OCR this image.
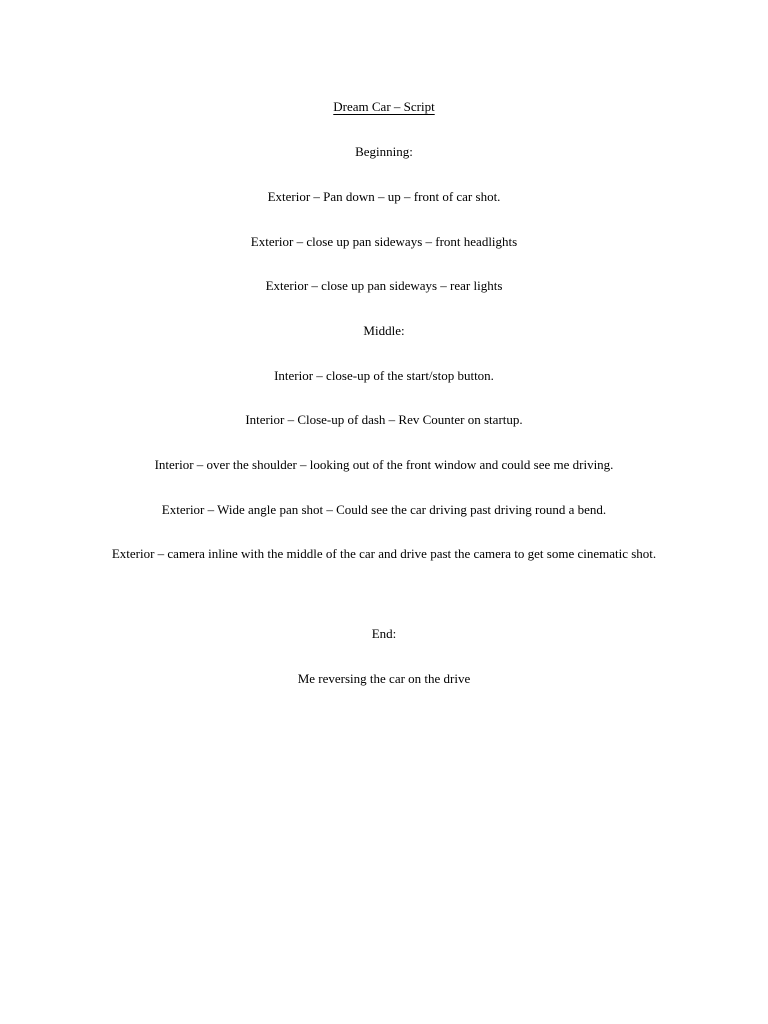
Dream Car – Script
Beginning:
Exterior – Pan down – up – front of car shot.
Exterior – close up pan sideways – front headlights
Exterior – close up pan sideways – rear lights
Middle:
Interior – close-up of the start/stop button.
Interior – Close-up of dash – Rev Counter on startup.
Interior – over the shoulder – looking out of the front window and could see me driving.
Exterior – Wide angle pan shot – Could see the car driving past driving round a bend.
Exterior – camera inline with the middle of the car and drive past the camera to get some cinematic shot.
End:
Me reversing the car on the drive
